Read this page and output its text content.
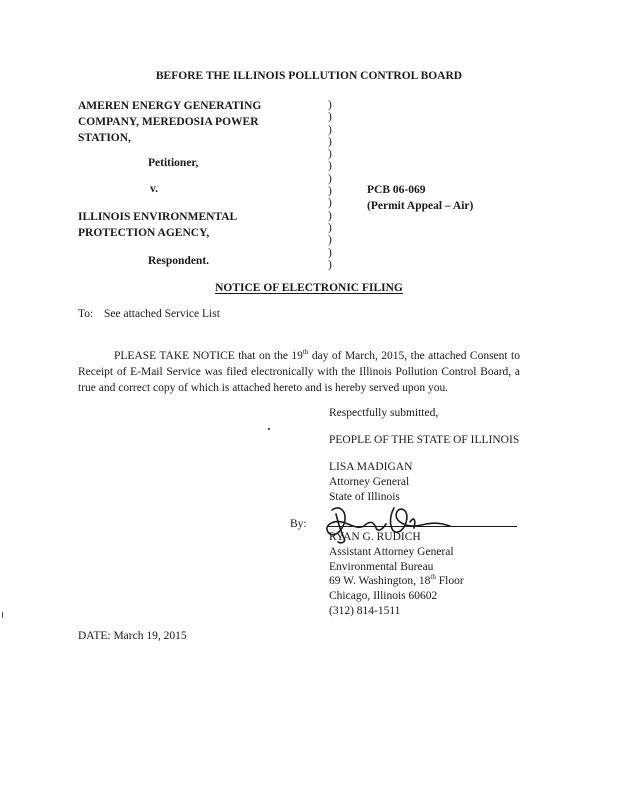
BEFORE THE ILLINOIS POLLUTION CONTROL BOARD
AMEREN ENERGY GENERATING
COMPANY, MEREDOSIA POWER
STATION,
Petitioner,
v.
ILLINOIS ENVIRONMENTAL
PROTECTION AGENCY,
Respondent.
)
)
)
)
)
)
)
)
)
)
)
)
)
)
PCB 06-069
(Permit Appeal – Air)
NOTICE OF ELECTRONIC FILING
To: See attached Service List
PLEASE TAKE NOTICE that on the 19th day of March, 2015, the attached Consent to Receipt of E-Mail Service was filed electronically with the Illinois Pollution Control Board, a true and correct copy of which is attached hereto and is hereby served upon you.
Respectfully submitted,
PEOPLE OF THE STATE OF ILLINOIS
LISA MADIGAN
Attorney General
State of Illinois
By:
RYAN G. RUDICH
Assistant Attorney General
Environmental Bureau
69 W. Washington, 18th Floor
Chicago, Illinois 60602
(312) 814-1511
DATE: March 19, 2015
